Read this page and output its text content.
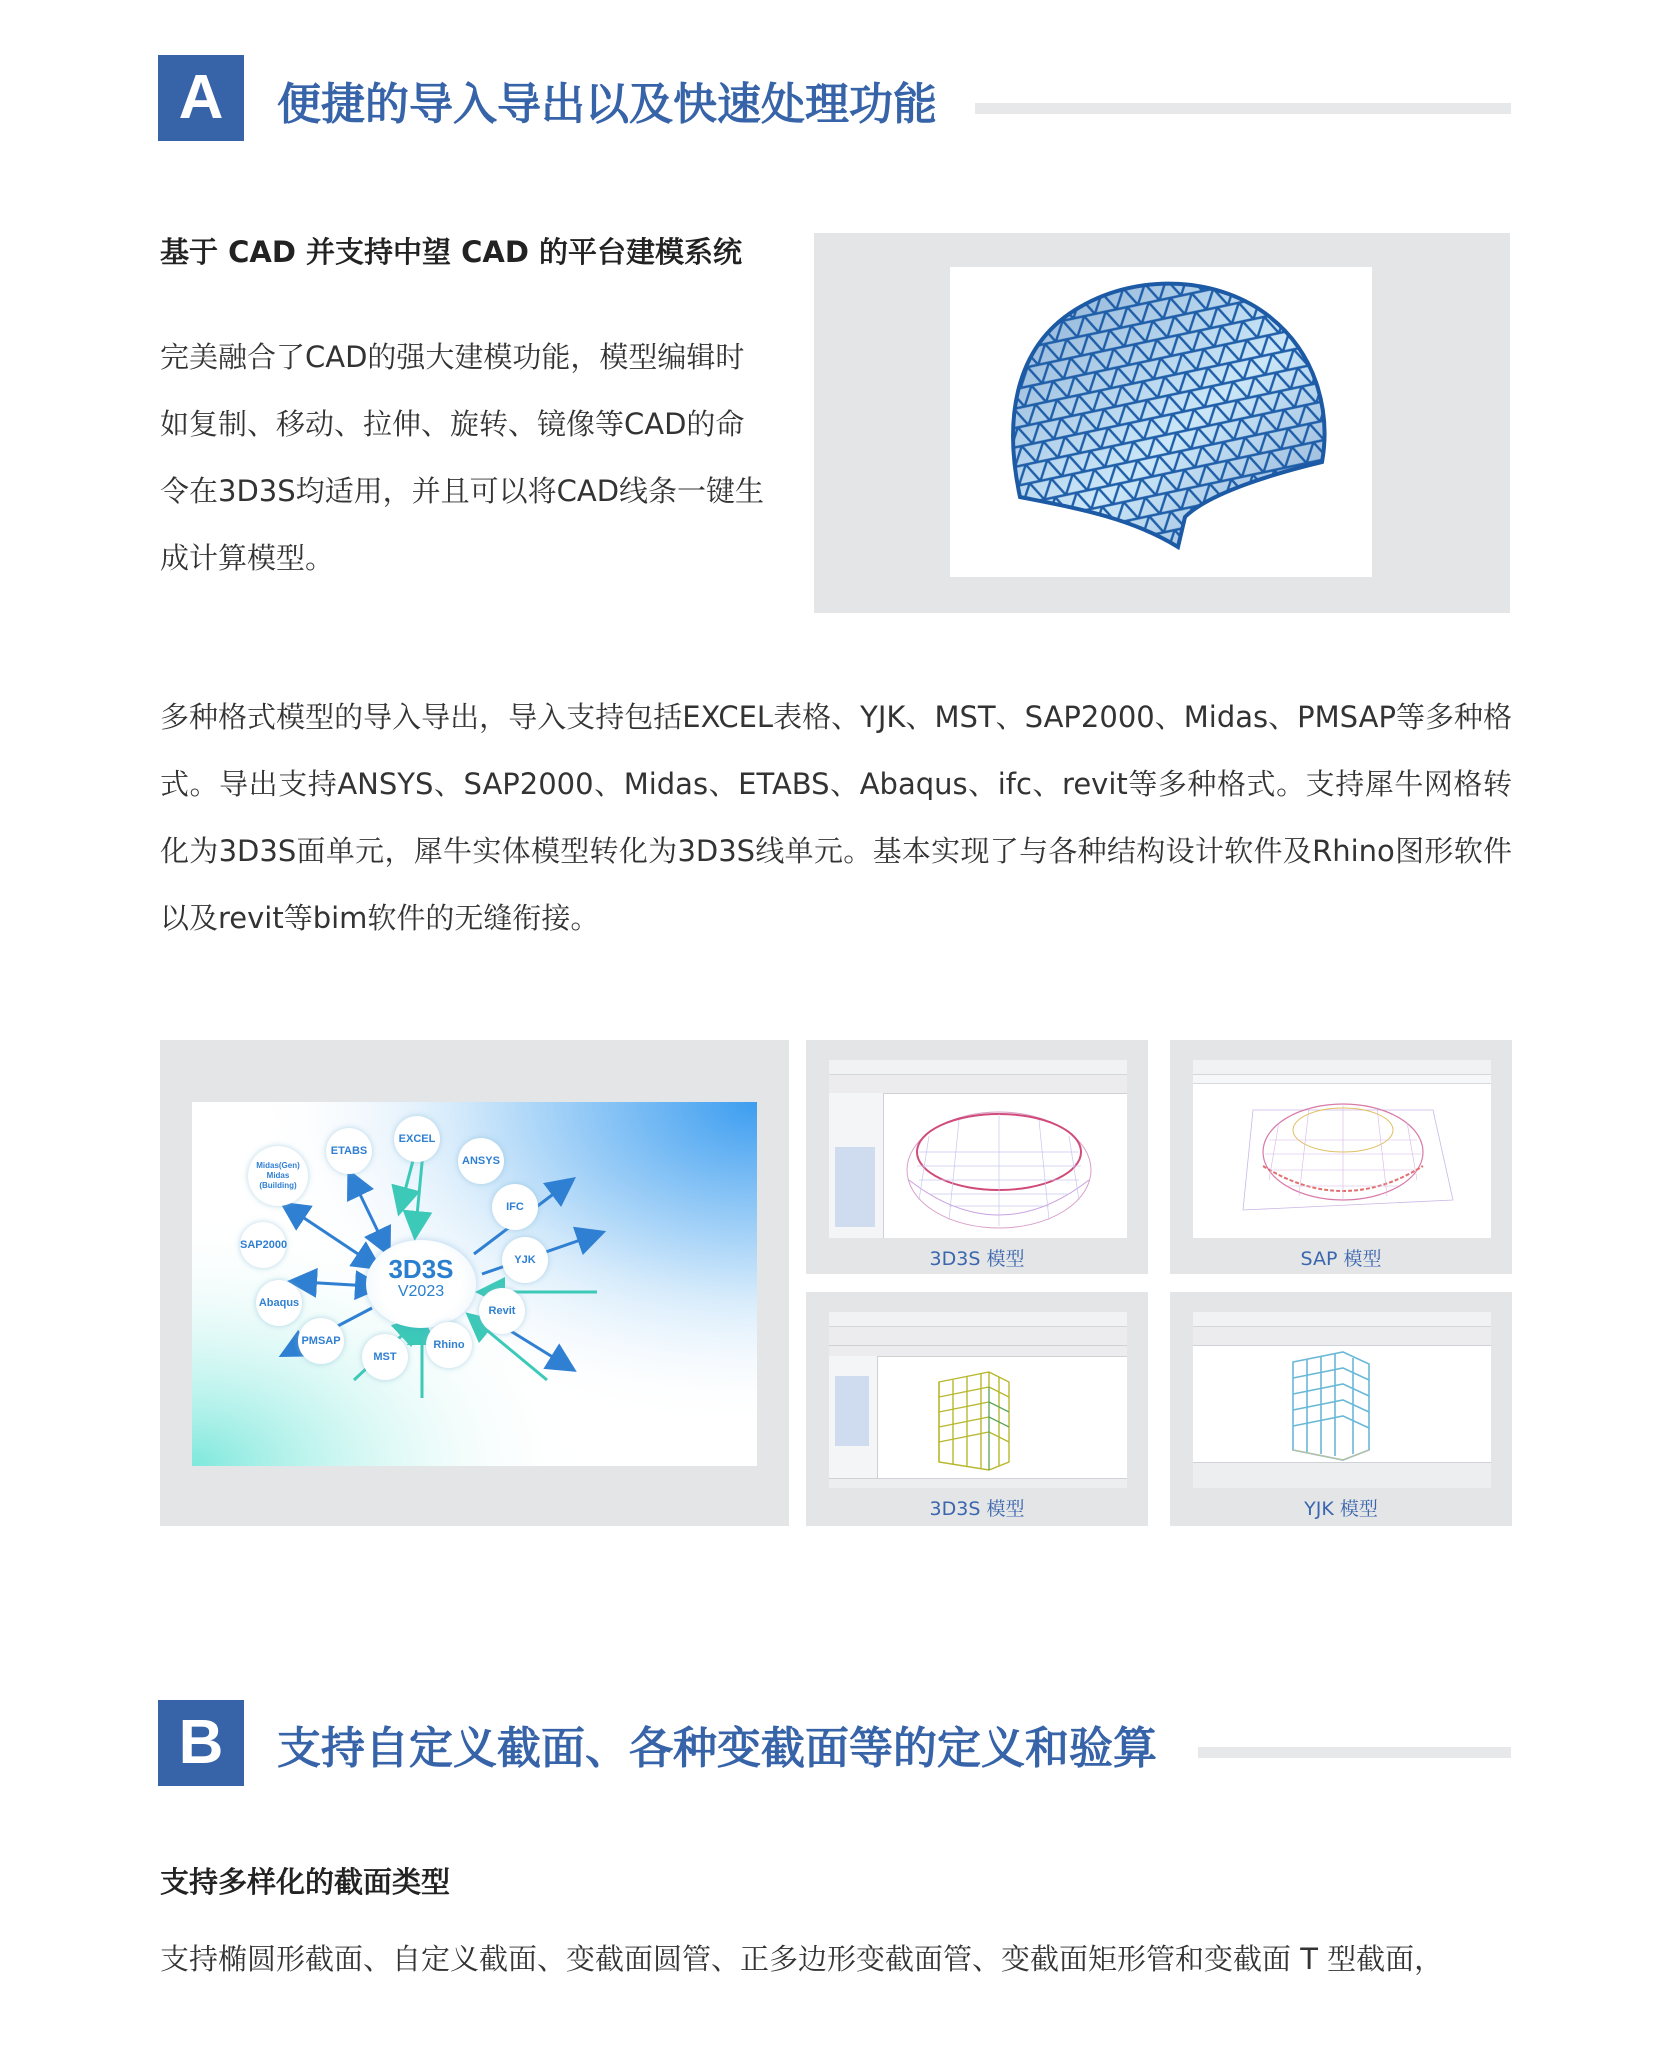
A	便捷的导入导出以及快速处理功能
基于 CAD 并支持中望 CAD 的平台建模系统
完美融合了CAD的强大建模功能，模型编辑时如复制、移动、拉伸、旋转、镜像等CAD的命令在3D3S均适用，并且可以将CAD线条一键生成计算模型。
多种格式模型的导入导出，导入支持包括EXCEL表格、YJK、MST、SAP2000、Midas、PMSAP等多种格式。导出支持ANSYS、SAP2000、Midas、ETABS、Abaqus、ifc、revit等多种格式。支持犀牛网格转化为3D3S面单元，犀牛实体模型转化为3D3S线单元。基本实现了与各种结构设计软件及Rhino图形软件以及revit等bim软件的无缝衔接。
3D3S
V2023
EXCEL
ANSYS
IFC
YJK
Revit
Rhino
MST
PMSAP
Abaqus
SAP2000
Midas(Gen)
Midas
(Building)
ETABS
3D3S 模型	SAP 模型
3D3S 模型	YJK 模型
B	支持自定义截面、各种变截面等的定义和验算
支持多样化的截面类型
支持椭圆形截面、自定义截面、变截面圆管、正多边形变截面管、变截面矩形管和变截面 T 型截面，
